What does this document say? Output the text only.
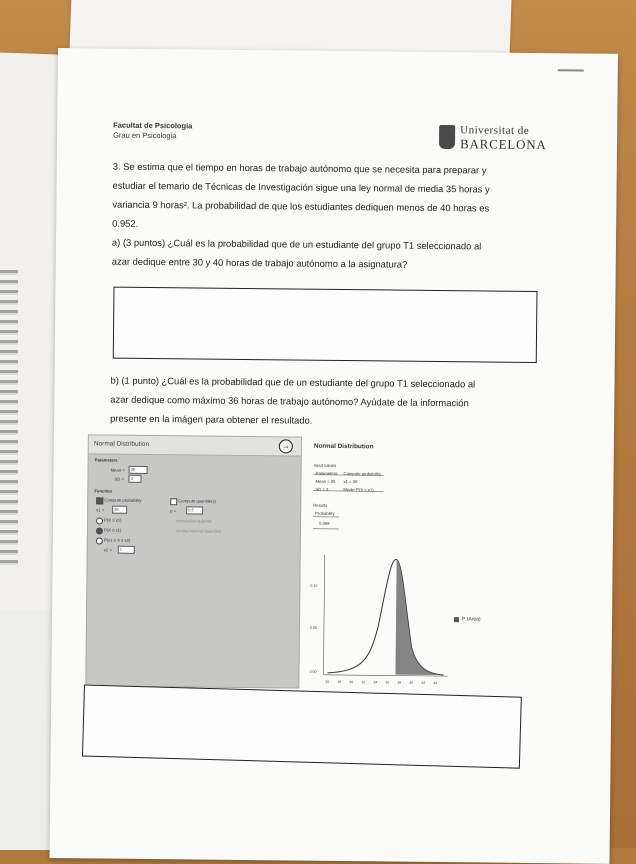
Facultat de Psicologia
Grau en Psicologia	Universitat de
BARCELONA
3. Se estima que el tiempo en horas de trabajo autónomo que se necesita para preparar y
estudiar el temario de Técnicas de Investigación sigue una ley normal de media 35 horas y
variancia 9 horas². La probabilidad de que los estudiantes dediquen menos de 40 horas es
0.952.
a) (3 puntos) ¿Cuál es la probabilidad que de un estudiante del grupo T1 seleccionado al
azar dedique entre 30 y 40 horas de trabajo autónomo a la asignatura?
b) (1 punto) ¿Cuál es la probabilidad que de un estudiante del grupo T1 seleccionado al
azar dedique como máximo 36 horas de trabajo autónomo? Ayúdate de la información
presente en la imágen para obtener el resultado.
Normal Distribution	→
Parameters
Mean =	35
SD =	3
Function
Compute probability	Compute quantile(s)
x1 =	36	p =	0.5
P(X ≥ x1)	cumulative quantile
P(X ≤ x1)	central interval quantiles
P(x1 ≤ X ≤ x2)
x2 =	1
Normal Distribution
Input values
Parameters Compute probability
Mean = 35 x1 = 36
SD = 3	Mode: P(X ≤ x1)
Results
Probability
0.369
0.10
0.05
0.00
26 28 30 32 34 36 38 40 42 44
P (Area)
